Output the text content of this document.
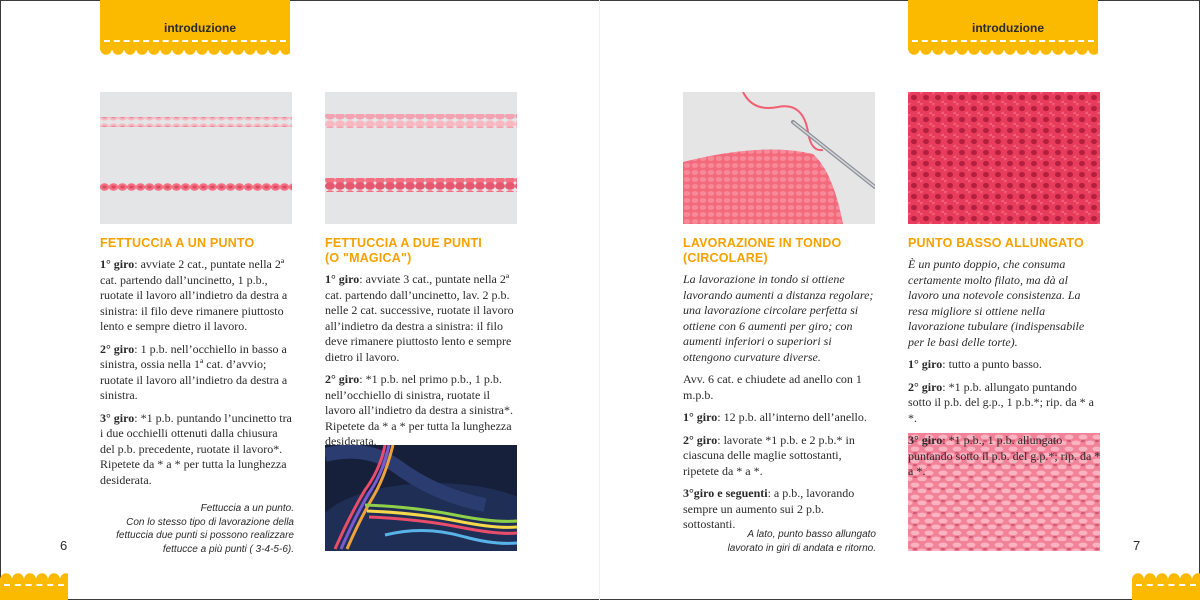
introduzione	introduzione
FETTUCCIA A UN PUNTO

1° giro: avviate 2 cat., puntate nella 2ª cat. partendo dall’uncinetto, 1 p.b., ruotate il lavoro all’indietro da destra a sinistra: il filo deve rimanere piuttosto lento e sempre dietro il lavoro.

2° giro: 1 p.b. nell’occhiello in basso a sinistra, ossia nella 1ª cat. d’avvio; ruotate il lavoro all’indietro da destra a sinistra.

3° giro: *1 p.b. puntando l’uncinetto tra i due occhielli ottenuti dalla chiusura del p.b. precedente, ruotate il lavoro*. Ripetete da * a * per tutta la lunghezza desiderata.

FETTUCCIA A DUE PUNTI
(O "MAGICA")

1° giro: avviate 3 cat., puntate nella 2ª cat. partendo dall’uncinetto, lav. 2 p.b. nelle 2 cat. successive, ruotate il lavoro all’indietro da destra a sinistra: il filo deve rimanere piuttosto lento e sempre dietro il lavoro.

2° giro: *1 p.b. nel primo p.b., 1 p.b. nell’occhiello di sinistra, ruotate il lavoro all’indietro da destra a sinistra*. Ripetete da * a * per tutta la lunghezza desiderata.

LAVORAZIONE IN TONDO
(CIRCOLARE)

La lavorazione in tondo si ottiene lavorando aumenti a distanza regolare; una lavorazione circolare perfetta si ottiene con 6 aumenti per giro; con aumenti inferiori o superiori si ottengono curvature diverse.

Avv. 6 cat. e chiudete ad anello con 1 m.p.b.

1° giro: 12 p.b. all’interno dell’anello.

2° giro: lavorate *1 p.b. e 2 p.b.* in ciascuna delle maglie sottostanti, ripetete da * a *.

3°giro e seguenti: a p.b., lavorando sempre un aumento sui 2 p.b. sottostanti.

PUNTO BASSO ALLUNGATO

È un punto doppio, che consuma certamente molto filato, ma dà al lavoro una notevole consistenza. La resa migliore si ottiene nella lavorazione tubulare (indispensabile per le basi delle torte).

1° giro: tutto a punto basso.

2° giro: *1 p.b. allungato puntando sotto il p.b. del g.p., 1 p.b.*; rip. da * a *.

3° giro: *1 p.b., 1 p.b. allungato puntando sotto il p.b. del g.p.*; rip. da * a *.

Fettuccia a un punto.
Con lo stesso tipo di lavorazione della
fettuccia due punti si possono realizzare
fettucce a più punti ( 3-4-5-6).
A lato, punto basso allungato
lavorato in giri di andata e ritorno.
6	7
